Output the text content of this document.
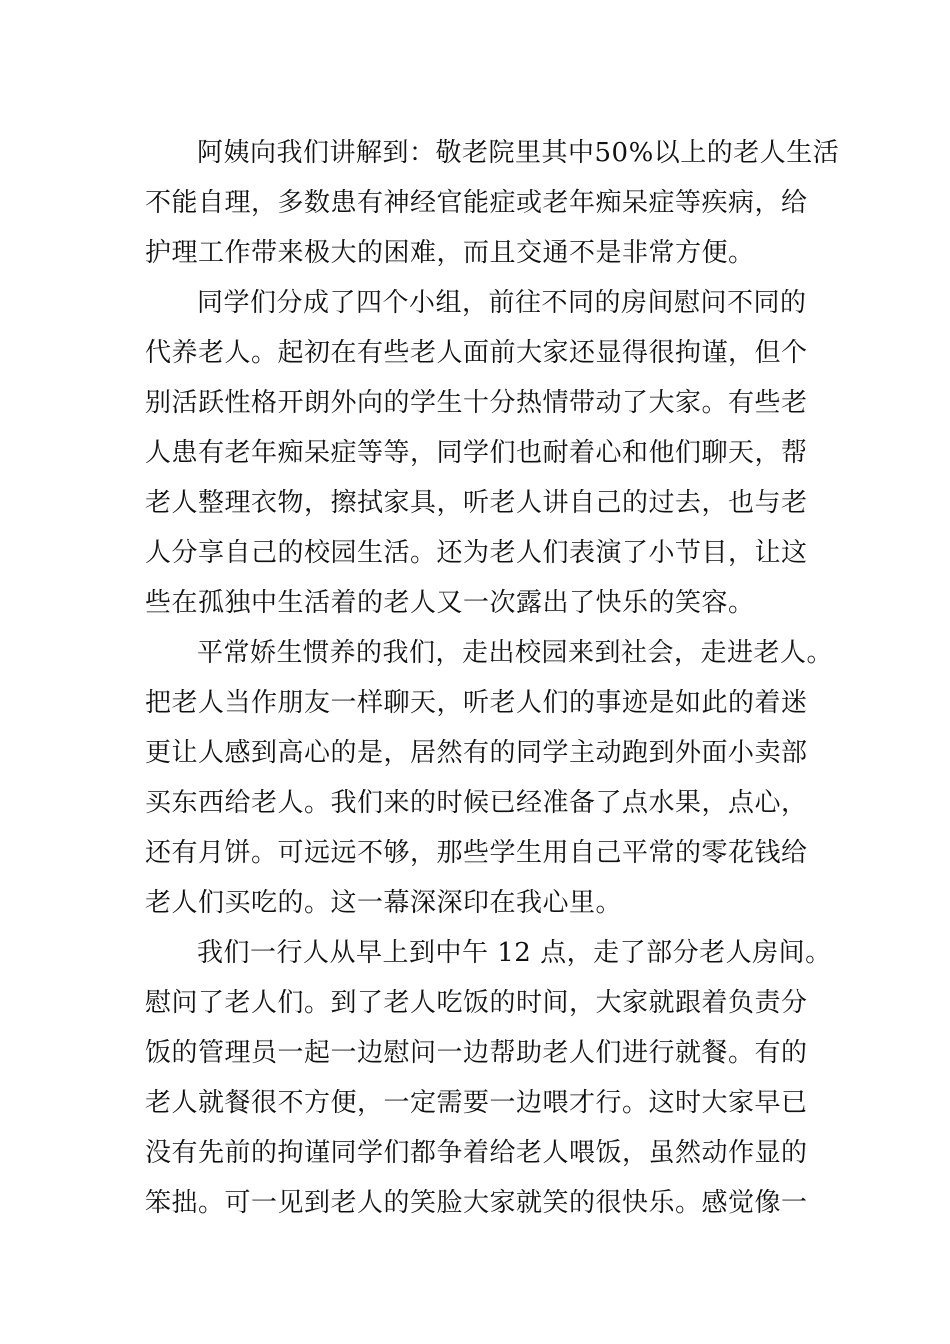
阿姨向我们讲解到：敬老院里其中50%以上的老人生活
不能自理，多数患有神经官能症或老年痴呆症等疾病，给
护理工作带来极大的困难，而且交通不是非常方便。
同学们分成了四个小组，前往不同的房间慰问不同的
代养老人。起初在有些老人面前大家还显得很拘谨，但个
别活跃性格开朗外向的学生十分热情带动了大家。有些老
人患有老年痴呆症等等，同学们也耐着心和他们聊天，帮
老人整理衣物，擦拭家具，听老人讲自己的过去，也与老
人分享自己的校园生活。还为老人们表演了小节目，让这
些在孤独中生活着的老人又一次露出了快乐的笑容。
平常娇生惯养的我们，走出校园来到社会，走进老人。
把老人当作朋友一样聊天，听老人们的事迹是如此的着迷
更让人感到高心的是，居然有的同学主动跑到外面小卖部
买东西给老人。我们来的时候已经准备了点水果，点心，
还有月饼。可远远不够，那些学生用自己平常的零花钱给
老人们买吃的。这一幕深深印在我心里。
我们一行人从早上到中午 12 点，走了部分老人房间。
慰问了老人们。到了老人吃饭的时间，大家就跟着负责分
饭的管理员一起一边慰问一边帮助老人们进行就餐。有的
老人就餐很不方便，一定需要一边喂才行。这时大家早已
没有先前的拘谨同学们都争着给老人喂饭，虽然动作显的
笨拙。可一见到老人的笑脸大家就笑的很快乐。感觉像一
